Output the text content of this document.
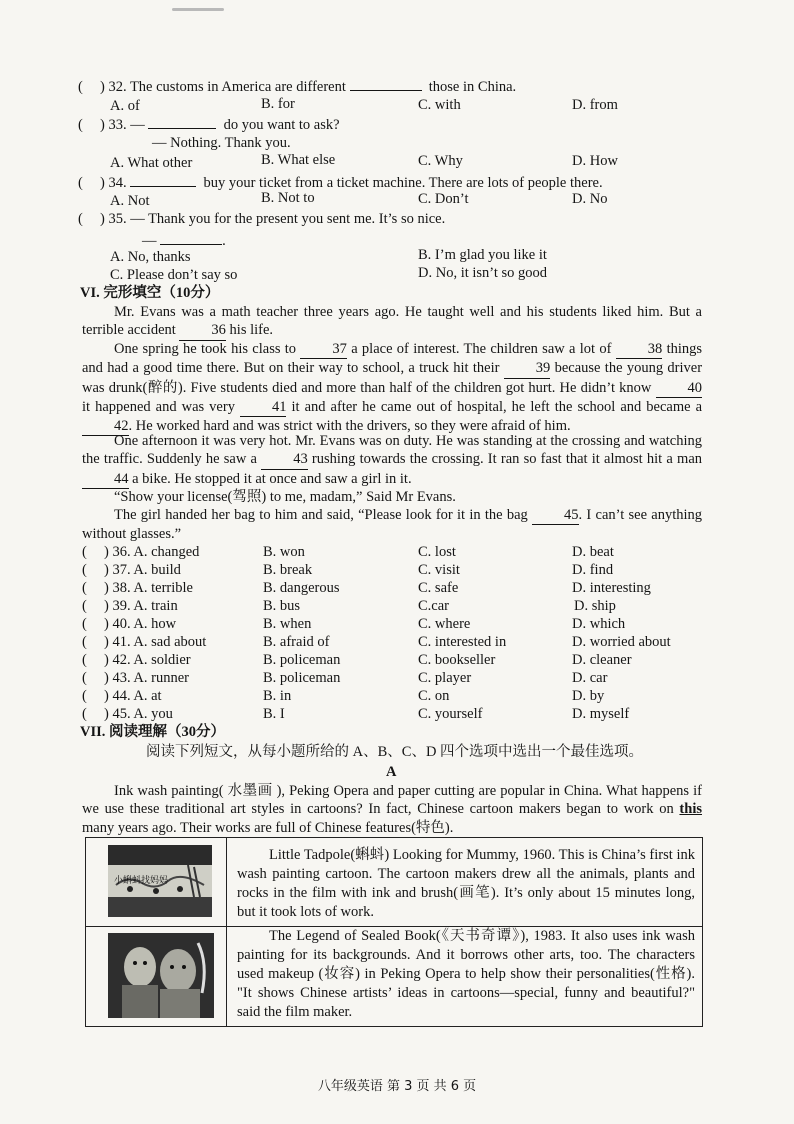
( ) 32. The customs in America are different	those in China.
A. of	B. for	C. with	D. from
( ) 33. —	do you want to ask?
— Nothing. Thank you.
A. What other	B. What else	C. Why	D. How
( ) 34.	buy your ticket from a ticket machine. There are lots of people there.
A. Not	B. Not to	C. Don’t	D. No
( ) 35. — Thank you for the present you sent me. It’s so nice.
—	.
A. No, thanks	B. I’m glad you like it
C. Please don’t say so	D. No, it isn’t so good
VI. 完形填空（10分）
Mr. Evans was a math teacher three years ago. He taught well and his students liked him. But a terrible accident 36 his life.
One spring he took his class to	37 a place of interest. The children saw a lot of	38 things and had a good time there. But on their way to school, a truck hit their	39 because the young driver was drunk(醉的). Five students died and more than half of the children got hurt. He didn’t know 40 it happened and was very	41 it and after he came out of hospital, he left the school and became a 42. He worked hard and was strict with the drivers, so they were afraid of him.
One afternoon it was very hot. Mr. Evans was on duty. He was standing at the crossing and watching the traffic. Suddenly he saw a 43 rushing towards the crossing. It ran so fast that it almost hit a man 44 a bike. He stopped it at once and saw a girl in it.
“Show your license(驾照) to me, madam,” Said Mr Evans.
The girl handed her bag to him and said, “Please look for it in the bag	45. I can’t see anything without glasses.”
( ) 36. A. changed	B. won	C. lost	D. beat
( ) 37. A. build	B. break	C. visit	D. find
( ) 38. A. terrible	B. dangerous	C. safe	D. interesting
( ) 39. A. train	B. bus	C.car	D. ship
( ) 40. A. how	B. when	C. where	D. which
( ) 41. A. sad about	B. afraid of	C. interested in	D. worried about
( ) 42. A. soldier	B. policeman	C. bookseller	D. cleaner
( ) 43. A. runner	B. policeman	C. player	D. car
( ) 44. A. at	B. in	C. on	D. by
( ) 45. A. you	B. I	C. yourself	D. myself
VII. 阅读理解（30分）
阅读下列短文，从每小题所给的 A、B、C、D 四个选项中选出一个最佳选项。
A
Ink wash painting( 水墨画 ), Peking Opera and paper cutting are popular in China. What happens if we use these traditional art styles in cartoons? In fact, Chinese cartoon makers began to work on this many years ago. Their works are full of Chinese features(特色).
小蝌蚪找妈妈
Little Tadpole(蝌蚪) Looking for Mummy, 1960. This is China’s first ink wash painting cartoon. The cartoon makers drew all the animals, plants and rocks in the film with ink and brush(画笔). It’s only about 15 minutes long, but it took lots of work.
The Legend of Sealed Book(《天书奇谭》), 1983. It also uses ink wash painting for its backgrounds. And it borrows other arts, too. The characters used makeup (妆容) in Peking Opera to help show their personalities(性格). "It shows Chinese artists’ ideas in cartoons—special, funny and beautiful?" said the film maker.
八年级英语 第 3 页 共 6 页
